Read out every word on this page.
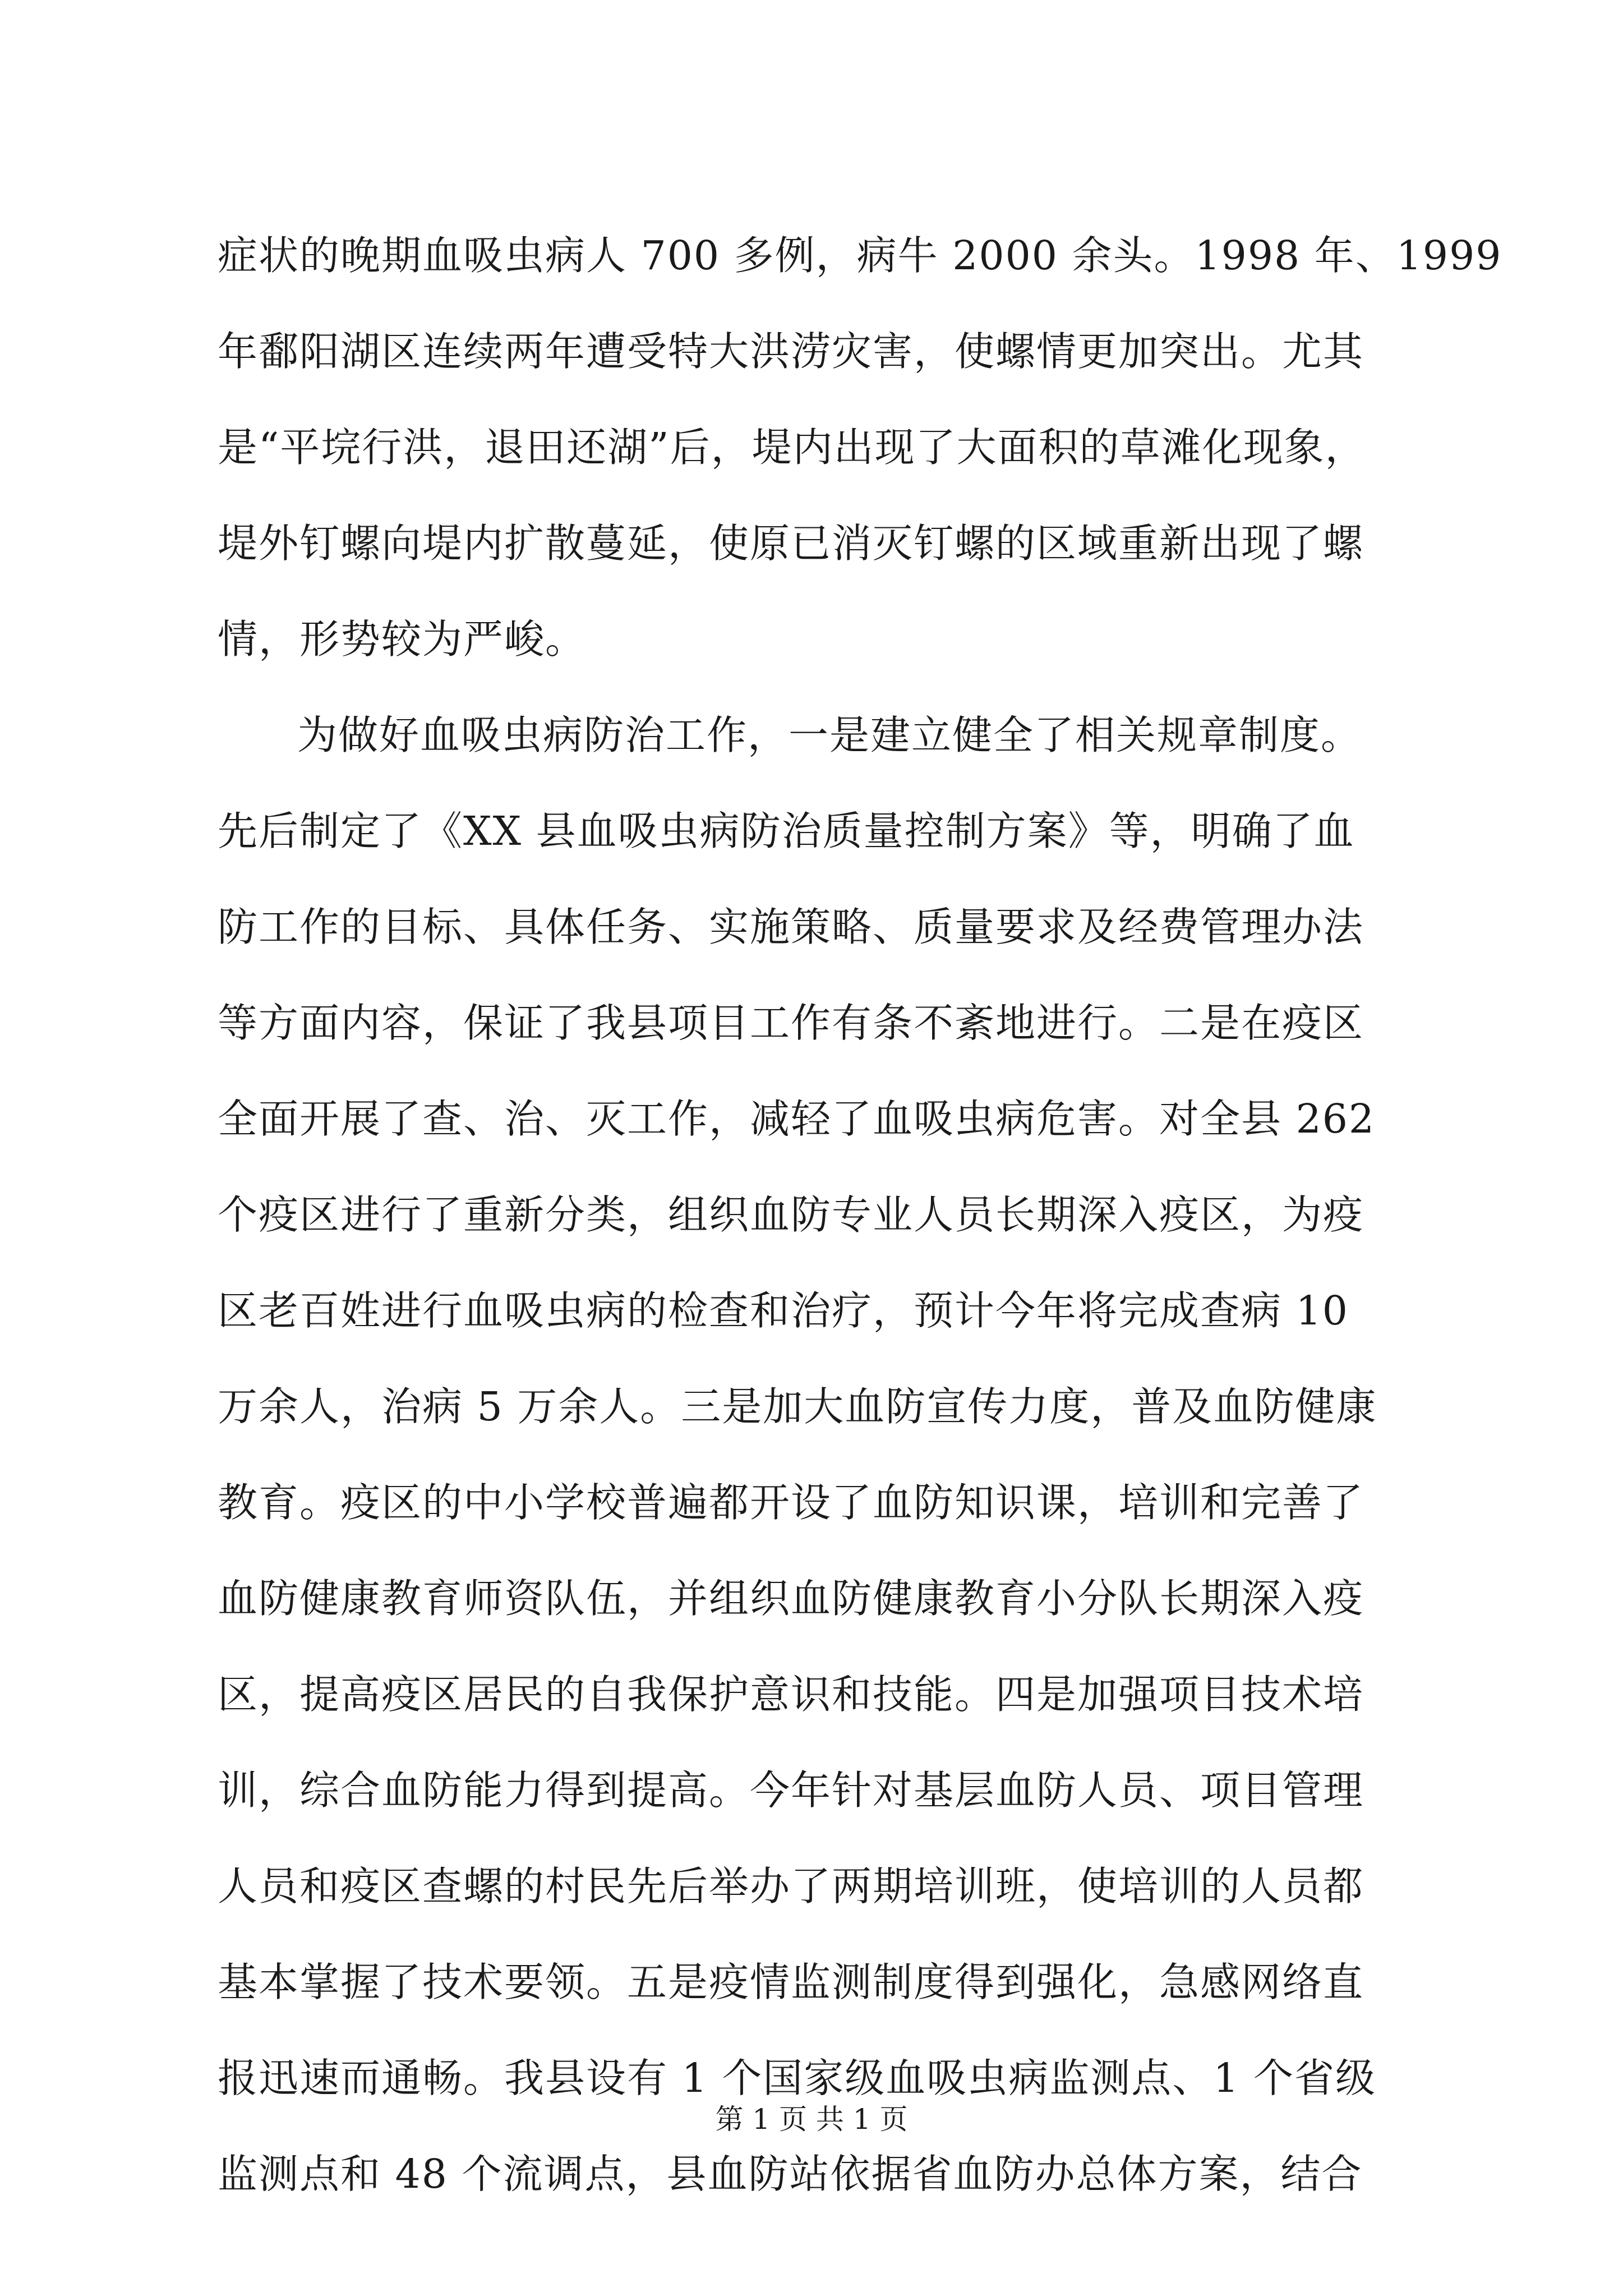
症状的晚期血吸虫病人 700 多例，病牛 2000 余头。1998 年、1999
年鄱阳湖区连续两年遭受特大洪涝灾害，使螺情更加突出。尤其
是“平垸行洪，退田还湖”后，堤内出现了大面积的草滩化现象，
堤外钉螺向堤内扩散蔓延，使原已消灭钉螺的区域重新出现了螺
情，形势较为严峻。
为做好血吸虫病防治工作，一是建立健全了相关规章制度。
先后制定了《XX 县血吸虫病防治质量控制方案》等，明确了血
防工作的目标、具体任务、实施策略、质量要求及经费管理办法
等方面内容，保证了我县项目工作有条不紊地进行。二是在疫区
全面开展了查、治、灭工作，减轻了血吸虫病危害。对全县 262
个疫区进行了重新分类，组织血防专业人员长期深入疫区，为疫
区老百姓进行血吸虫病的检查和治疗，预计今年将完成查病 10
万余人，治病 5 万余人。三是加大血防宣传力度，普及血防健康
教育。疫区的中小学校普遍都开设了血防知识课，培训和完善了
血防健康教育师资队伍，并组织血防健康教育小分队长期深入疫
区，提高疫区居民的自我保护意识和技能。四是加强项目技术培
训，综合血防能力得到提高。今年针对基层血防人员、项目管理
人员和疫区查螺的村民先后举办了两期培训班，使培训的人员都
基本掌握了技术要领。五是疫情监测制度得到强化，急感网络直
报迅速而通畅。我县设有 1 个国家级血吸虫病监测点、1 个省级
监测点和 48 个流调点，县血防站依据省血防办总体方案，结合
第 1 页 共 1 页
